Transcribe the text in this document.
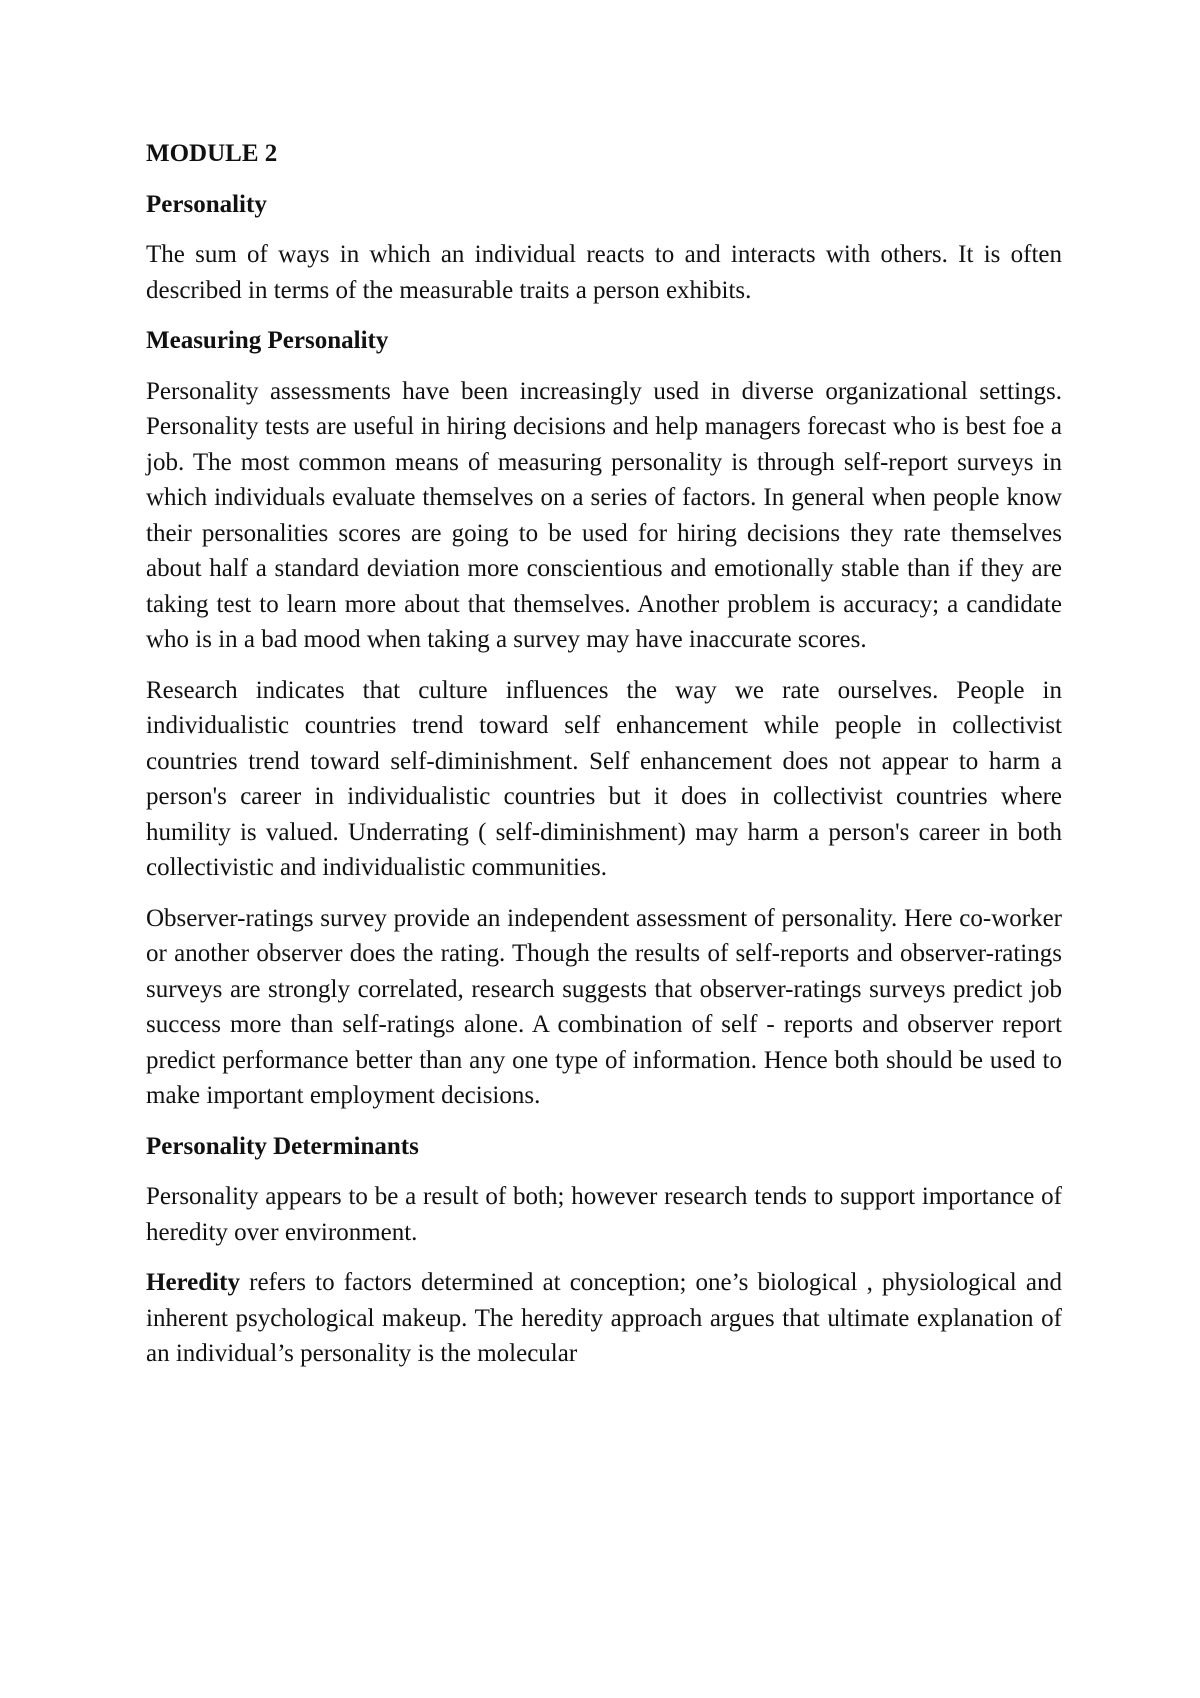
MODULE 2
Personality

The sum of ways in which an individual reacts to and interacts with others. It is often described in terms of the measurable traits a person exhibits.

Measuring Personality

Personality assessments have been increasingly used in diverse organizational settings. Personality tests are useful in hiring decisions and help managers forecast who is best foe a job. The most common means of measuring personality is through self-report surveys in which individuals evaluate themselves on a series of factors. In general when people know their personalities scores are going to be used for hiring decisions they rate themselves about half a standard deviation more conscientious and emotionally stable than if they are taking test to learn more about that themselves. Another problem is accuracy; a candidate who is in a bad mood when taking a survey may have inaccurate scores.

Research indicates that culture influences the way we rate ourselves. People in individualistic countries trend toward self enhancement while people in collectivist countries trend toward self-diminishment. Self enhancement does not appear to harm a person's career in individualistic countries but it does in collectivist countries where humility is valued. Underrating ( self-diminishment) may harm a person's career in both collectivistic and individualistic communities.

Observer-ratings survey provide an independent assessment of personality. Here co-worker or another observer does the rating. Though the results of self-reports and observer-ratings surveys are strongly correlated, research suggests that observer-ratings surveys predict job success more than self-ratings alone. A combination of self - reports and observer report predict performance better than any one type of information. Hence both should be used to make important employment decisions.

Personality Determinants

Personality appears to be a result of both; however research tends to support importance of heredity over environment.

Heredity refers to factors determined at conception; one’s biological , physiological and inherent psychological makeup. The heredity approach argues that ultimate explanation of an individual’s personality is the molecular
